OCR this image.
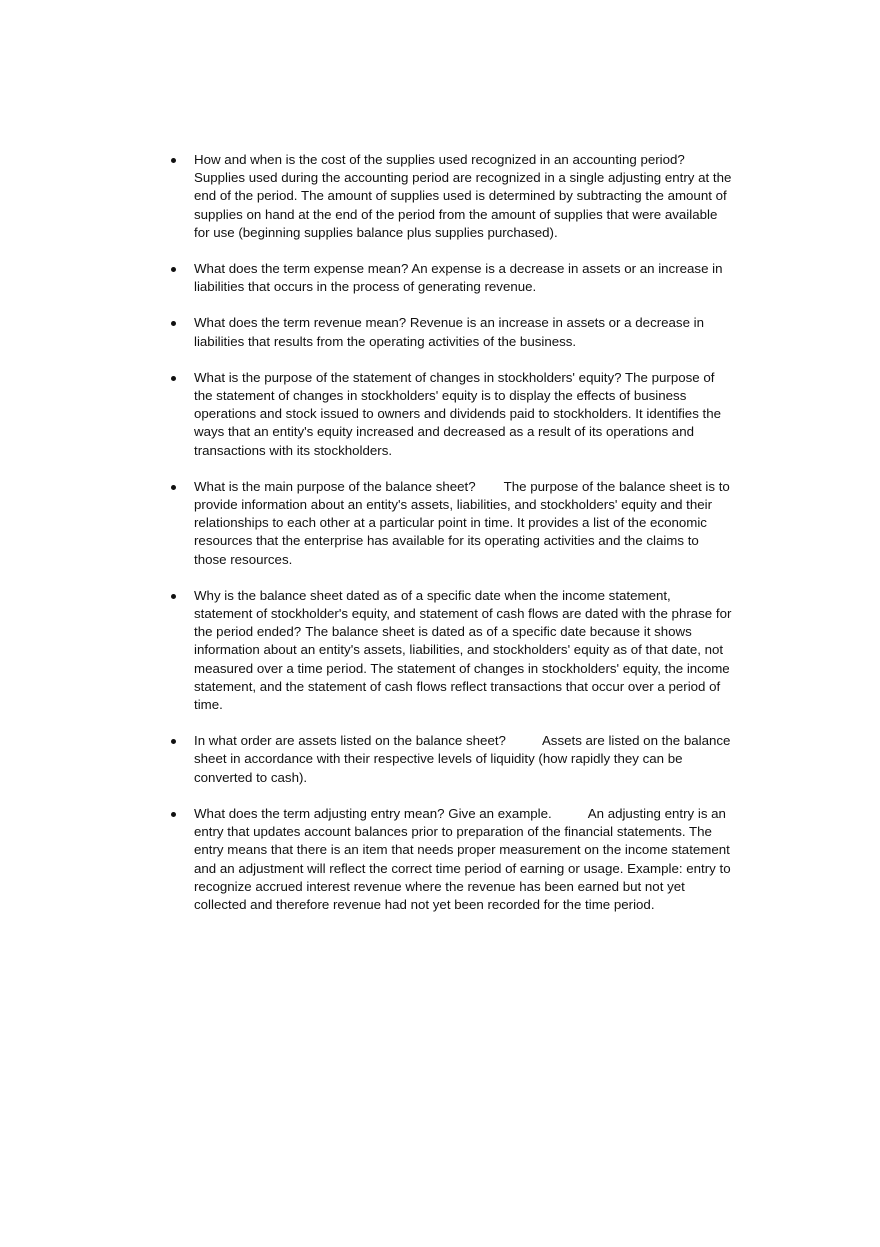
How and when is the cost of the supplies used recognized in an accounting period? Supplies used during the accounting period are recognized in a single adjusting entry at the end of the period. The amount of supplies used is determined by subtracting the amount of supplies on hand at the end of the period from the amount of supplies that were available for use (beginning supplies balance plus supplies purchased).
What does the term expense mean? An expense is a decrease in assets or an increase in liabilities that occurs in the process of generating revenue.
What does the term revenue mean? Revenue is an increase in assets or a decrease in liabilities that results from the operating activities of the business.
What is the purpose of the statement of changes in stockholders' equity? The purpose of the statement of changes in stockholders' equity is to display the effects of business operations and stock issued to owners and dividends paid to stockholders. It identifies the ways that an entity's equity increased and decreased as a result of its operations and transactions with its stockholders.
What is the main purpose of the balance sheet? The purpose of the balance sheet is to provide information about an entity's assets, liabilities, and stockholders' equity and their relationships to each other at a particular point in time. It provides a list of the economic resources that the enterprise has available for its operating activities and the claims to those resources.
Why is the balance sheet dated as of a specific date when the income statement, statement of stockholder's equity, and statement of cash flows are dated with the phrase for the period ended? The balance sheet is dated as of a specific date because it shows information about an entity's assets, liabilities, and stockholders' equity as of that date, not measured over a time period. The statement of changes in stockholders' equity, the income statement, and the statement of cash flows reflect transactions that occur over a period of time.
In what order are assets listed on the balance sheet?	Assets are listed on the balance sheet in accordance with their respective levels of liquidity (how rapidly they can be converted to cash).
What does the term adjusting entry mean? Give an example.	An adjusting entry is an entry that updates account balances prior to preparation of the financial statements. The entry means that there is an item that needs proper measurement on the income statement and an adjustment will reflect the correct time period of earning or usage. Example: entry to recognize accrued interest revenue where the revenue has been earned but not yet collected and therefore revenue had not yet been recorded for the time period.
